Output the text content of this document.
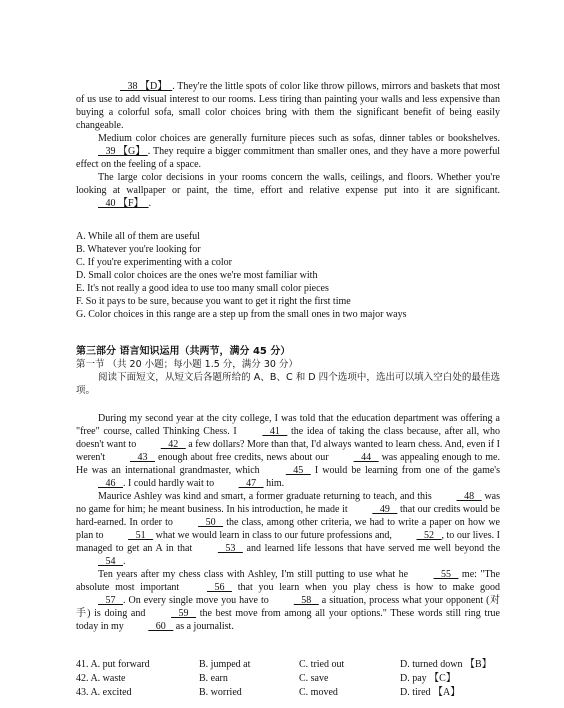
38 【D】  . They're the little spots of color like throw pillows, mirrors and baskets that most of us use to add visual interest to our rooms. Less tiring than painting your walls and less expensive than buying a colorful sofa, small color choices bring with them the significant benefit of being easily changeable.

Medium color choices are generally furniture pieces such as sofas, dinner tables or bookshelves.    39 【G】 . They require a bigger commitment than smaller ones, and they have a more powerful effect on the feeling of a space.

The large color decisions in your rooms concern the walls, ceilings, and floors. Whether you're looking at wallpaper or paint, the time, effort and relative expense put into it are significant.    40 【F】  .

A. While all of them are useful

B. Whatever you're looking for

C. If you're experimenting with a color

D. Small color choices are the ones we're most familiar with

E. It's not really a good idea to use too many small color pieces

F. So it pays to be sure, because you want to get it right the first time

G. Color choices in this range are a step up from the small ones in two major ways

第三部分 语言知识运用（共两节，满分 45 分）

第一节 （共 20 小题；每小题 1.5 分，满分 30 分）

阅读下面短文，从短文后各题所给的 A、B、C 和 D 四个选项中，选出可以填入空白处的最佳选项。

During my second year at the city college, I was told that the education department was offering a "free" course, called Thinking Chess. I    41    the idea of taking the class because, after all, who doesn't want to    42    a few dollars? More than that, I'd always wanted to learn chess. And, even if I weren't    43    enough about free credits, news about our    44    was appealing enough to me. He was an international grandmaster, which    45    I would be learning from one of the game's    46   . I could hardly wait to    47    him.

Maurice Ashley was kind and smart, a former graduate returning to teach, and this    48    was no game for him; he meant business. In his introduction, he made it    49    that our credits would be hard-earned. In order to    50    the class, among other criteria, we had to write a paper on how we plan to    51    what we would learn in class to our future professions and,    52   , to our lives. I managed to get an A in that    53    and learned life lessons that have served me well beyond the    54   .

Ten years after my chess class with Ashley, I'm still putting to use what he    55    me: "The absolute most important    56    that you learn when you play chess is how to make good    57   . On every single move you have to    58    a situation, process what your opponent (对手) is doing and    59    the best move from among all your options." These words still ring true today in my    60    as a journalist.

41. A. put forward	B. jumped at	C. tried out	D. turned down 【B】
42. A. waste	B. earn	C. save	D. pay 【C】
43. A. excited	B. worried	C. moved	D. tired 【A】
